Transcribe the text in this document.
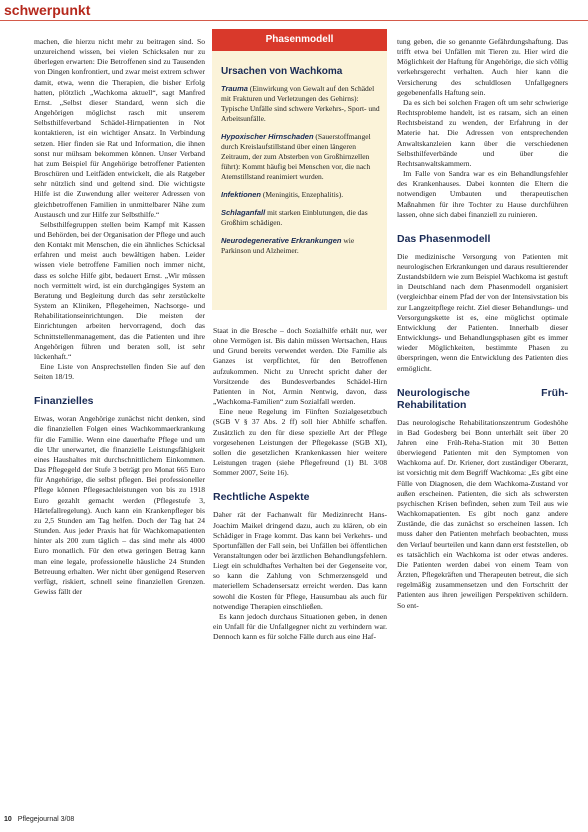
schwerpunkt

machen, die hierzu nicht mehr zu beitragen sind. So unzureichend wissen, bei vielen Schicksalen nur zu überlegen erwarten: Die Betroffenen sind zu Tausenden von Dingen konfrontiert, und zwar meist extrem schwer damit, etwa, wenn die Therapien, die bisher Erfolg hatten, plötzlich „Wachkoma aktuell“, sagt Manfred Ernst. „Selbst dieser Standard, wenn sich die Angehörigen möglichst rasch mit unserem Selbsthilfeverband Schädel-Hirnpatienten in Not kontaktieren, ist ein wichtiger Ansatz. In Verbindung setzen. Hier finden sie Rat und Information, die ihnen sonst nur mühsam bekommen können. Unser Verband hat zum Beispiel für Angehörige betroffener Patienten Broschüren und Leitfäden entwickelt, die als Ratgeber sehr nützlich sind und geltend sind. Die wichtigste Hilfe ist die Zuwendung aller weiterer Adressen von gleichbetroffenen Familien in unmittelbarer Nähe zum Austausch und zur Hilfe zur Selbsthilfe.“

Selbsthilfegruppen stellen beim Kampf mit Kassen und Behörden, bei der Organisation der Pflege und auch den Kontakt mit Menschen, die ein ähnliches Schicksal erfahren und meist auch bewältigen haben. Leider wissen viele betroffene Familien noch immer nicht, dass es solche Hilfe gibt, bedauert Ernst. „Wir müssen noch vermittelt wird, ist ein durchgängiges System an Beratung und Begleitung durch das sehr zerstückelte System an Kliniken, Pflegeheimen, Nachsorge- und Rehabilitationseinrichtungen. Die meisten der Einrichtungen arbeiten hervorragend, doch das Schnittstellenmanagement, das die Patienten und ihre Angehörigen führen und beraten soll, ist sehr lückenhaft.“

Eine Liste von Ansprechstellen finden Sie auf den Seiten 18/19.

Finanzielles

Etwas, woran Angehörige zunächst nicht denken, sind die finanziellen Folgen eines Wachkommaerkrankung für die Familie. Wenn eine dauerhafte Pflege und um die Uhr unerwartet, die finanzielle Leistungsfähigkeit eines Haushaltes mit durchschnittlichem Einkommen. Das Pflegegeld der Stufe 3 beträgt pro Monat 665 Euro für Angehörige, die selbst pflegen. Bei professioneller Pflege können Pflegesachleistungen von bis zu 1918 Euro gezahlt gemacht werden (Pflegestufe 3, Härtefallregelung). Auch kann ein Krankenpfleger bis zu 2,5 Stunden am Tag helfen. Doch der Tag hat 24 Stunden. Aus jeder Praxis hat für Wachkomapatienten hinter als 200 zum täglich – das sind mehr als 4000 Euro monatlich. Für den etwa geringen Betrag kann man eine legale, professionelle häusliche 24 Stunden Betreuung erhalten. Wer nicht über genügend Reserven verfügt, riskiert, schnell seine finanziellen Grenzen. Gewiss fällt der

Phasenmodell
Ursachen von Wachkoma
Trauma (Einwirkung von Gewalt auf den Schädel mit Frakturen und Verletzungen des Gehirns): Typische Unfälle sind schwere Verkehrs-, Sport- und Arbeitsunfälle.
Hypoxischer Hirnschaden (Sauerstoffmangel durch Kreislaufstillstand über einen längeren Zeitraum, der zum Absterben von Großhirnzellen führt): Kommt häufig bei Menschen vor, die nach Atemstillstand reanimiert wurden.
Infektionen (Meningitis, Enzephalitis).
Schlaganfall mit starken Einblutungen, die das Großhirn schädigen.
Neurodegenerative Erkrankungen wie Parkinson und Alzheimer.

Staat in die Bresche – doch Sozialhilfe erhält nur, wer ohne Vermögen ist. Bis dahin müssen Wertsachen, Haus und Grund bereits verwendet werden. Die Familie als Ganzes ist verpflichtet, für den Betroffenen aufzukommen. Nicht zu Unrecht spricht daher der Vorsitzende des Bundesverbandes Schädel-Hirn Patienten in Not, Armin Nentwig, davon, dass „Wachkoma-Familien“ zum Sozialfall werden.

Eine neue Regelung im Fünften Sozialgesetzbuch (SGB V § 37 Abs. 2 ff) soll hier Abhilfe schaffen. Zusätzlich zu den für diese spezielle Art der Pflege vorgesehenen Leistungen der Pflegekasse (SGB XI), sollen die gesetzlichen Krankenkassen hier weitere Leistungen tragen (siehe Pflegefreund (1) Bl. 3/08 Sommer 2007, Seite 16).

Rechtliche Aspekte

Daher rät der Fachanwalt für Medizinrecht Hans-Joachim Maikel dringend dazu, auch zu klären, ob ein Schädiger in Frage kommt. Das kann bei Verkehrs- und Sportunfällen der Fall sein, bei Unfällen bei öffentlichen Veranstaltungen oder bei ärztlichen Behandlungsfehlern. Liegt ein schuldhaftes Verhalten bei der Gegenseite vor, so kann die Zahlung von Schmerzensgeld und materiellem Schadensersatz erreicht werden. Das kann sowohl die Kosten für Pflege, Hausumbau als auch für notwendige Therapien einschließen.

Es kann jedoch durchaus Situationen geben, in denen ein Unfall für die Unfallgegner nicht zu verhindern war. Dennoch kann es für solche Fälle durch aus eine Haf-

tung geben, die so genannte Gefährdungshaftung. Das trifft etwa bei Unfällen mit Tieren zu. Hier wird die Möglichkeit der Haftung für Angehörige, die sich völlig verkehrsgerecht verhalten. Auch hier kann die Versicherung des schuldlosen Unfallgegners gegebenenfalls Haftung sein.

Da es sich bei solchen Fragen oft um sehr schwierige Rechtsprobleme handelt, ist es ratsam, sich an einen Rechtsbeistand zu wenden, der Erfahrung in der Materie hat. Die Adressen von entsprechenden Anwaltskanzleien kann über die verschiedenen Selbsthilfeverbände und über die Rechtsanwaltskammern.

Im Falle von Sandra war es ein Behandlungsfehler des Krankenhauses. Dabei konnten die Eltern die notwendigen Umbauten und therapeutischen Maßnahmen für ihre Tochter zu Hause durchführen lassen, ohne sich dabei finanziell zu ruinieren.

Das Phasenmodell

Die medizinische Versorgung von Patienten mit neurologischen Erkrankungen und daraus resultierender Zustandsbildern wie zum Beispiel Wachkoma ist gestuft in Deutschland nach dem Phasenmodell organisiert (vergleichbar einem Pfad der von der Intensivstation bis zur Langzeitpflege reicht. Ziel dieser Behandlungs- und Versorgungskette ist es, eine möglichst optimale Entwicklung der Patienten. Innerhalb dieser Entwicklungs- und Behandlungsphasen gibt es immer wieder Möglichkeiten, bestimmte Phasen zu überspringen, wenn die Entwicklung des Patienten dies ermöglicht.

Neurologische Früh-Rehabilitation

Das neurologische Rehabilitationszentrum Godeshöhe in Bad Godesberg bei Bonn unterhält seit über 20 Jahren eine Früh-Reha-Station mit 30 Betten überwiegend Patienten mit den Symptomen von Wachkoma auf. Dr. Kriener, dort zuständiger Oberarzt, ist vorsichtig mit dem Begriff Wachkoma: „Es gibt eine Fülle von Diagnosen, die dem Wachkoma-Zustand vor außen erscheinen. Patienten, die sich als schwersten psychischen Krisen befinden, sehen zum Teil aus wie Wachkomapatienten. Es gibt noch ganz andere Zustände, die das zunächst so erscheinen lassen. Ich muss daher den Patienten mehrfach beobachten, muss den Verlauf beurteilen und kann dann erst feststellen, ob es tatsächlich ein Wachkoma ist oder etwas anderes. Die Patienten werden dabei von einem Team von Ärzten, Pflegekräften und Therapeuten betreut, die sich regelmäßig zusammensetzen und den Fortschritt der Patienten aus ihren jeweiligen Perspektiven schildern. So ent-

10 Pflegejournal 3/08
